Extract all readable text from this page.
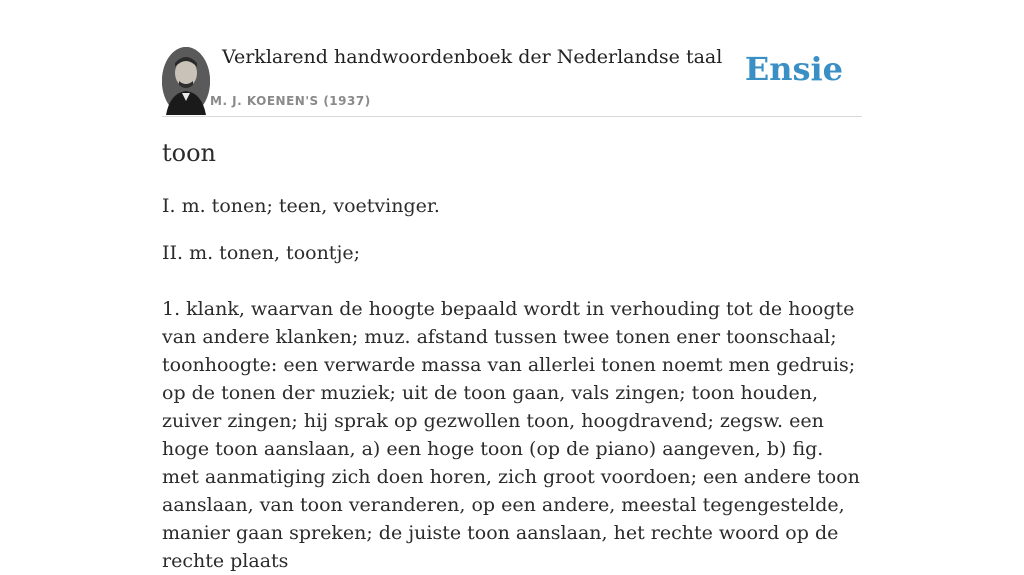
Verklarend handwoordenboek der Nederlandse taal
M. J. KOENEN'S (1937)
Ensie
toon

I. m. tonen; teen, voetvinger.

II. m. tonen, toontje;

1. klank, waarvan de hoogte bepaald wordt in verhouding tot de hoogte van andere klanken; muz. afstand tussen twee tonen ener toonschaal; toonhoogte: een verwarde massa van allerlei tonen noemt men gedruis; op de tonen der muziek; uit de toon gaan, vals zingen; toon houden, zuiver zingen; hij sprak op gezwollen toon, hoogdravend; zegsw. een hoge toon aanslaan, a) een hoge toon (op de piano) aangeven, b) fig. met aanmatiging zich doen horen, zich groot voordoen; een andere toon aanslaan, van toon veranderen, op een andere, meestal tegengestelde, manier gaan spreken; de juiste toon aanslaan, het rechte woord op de rechte plaats
